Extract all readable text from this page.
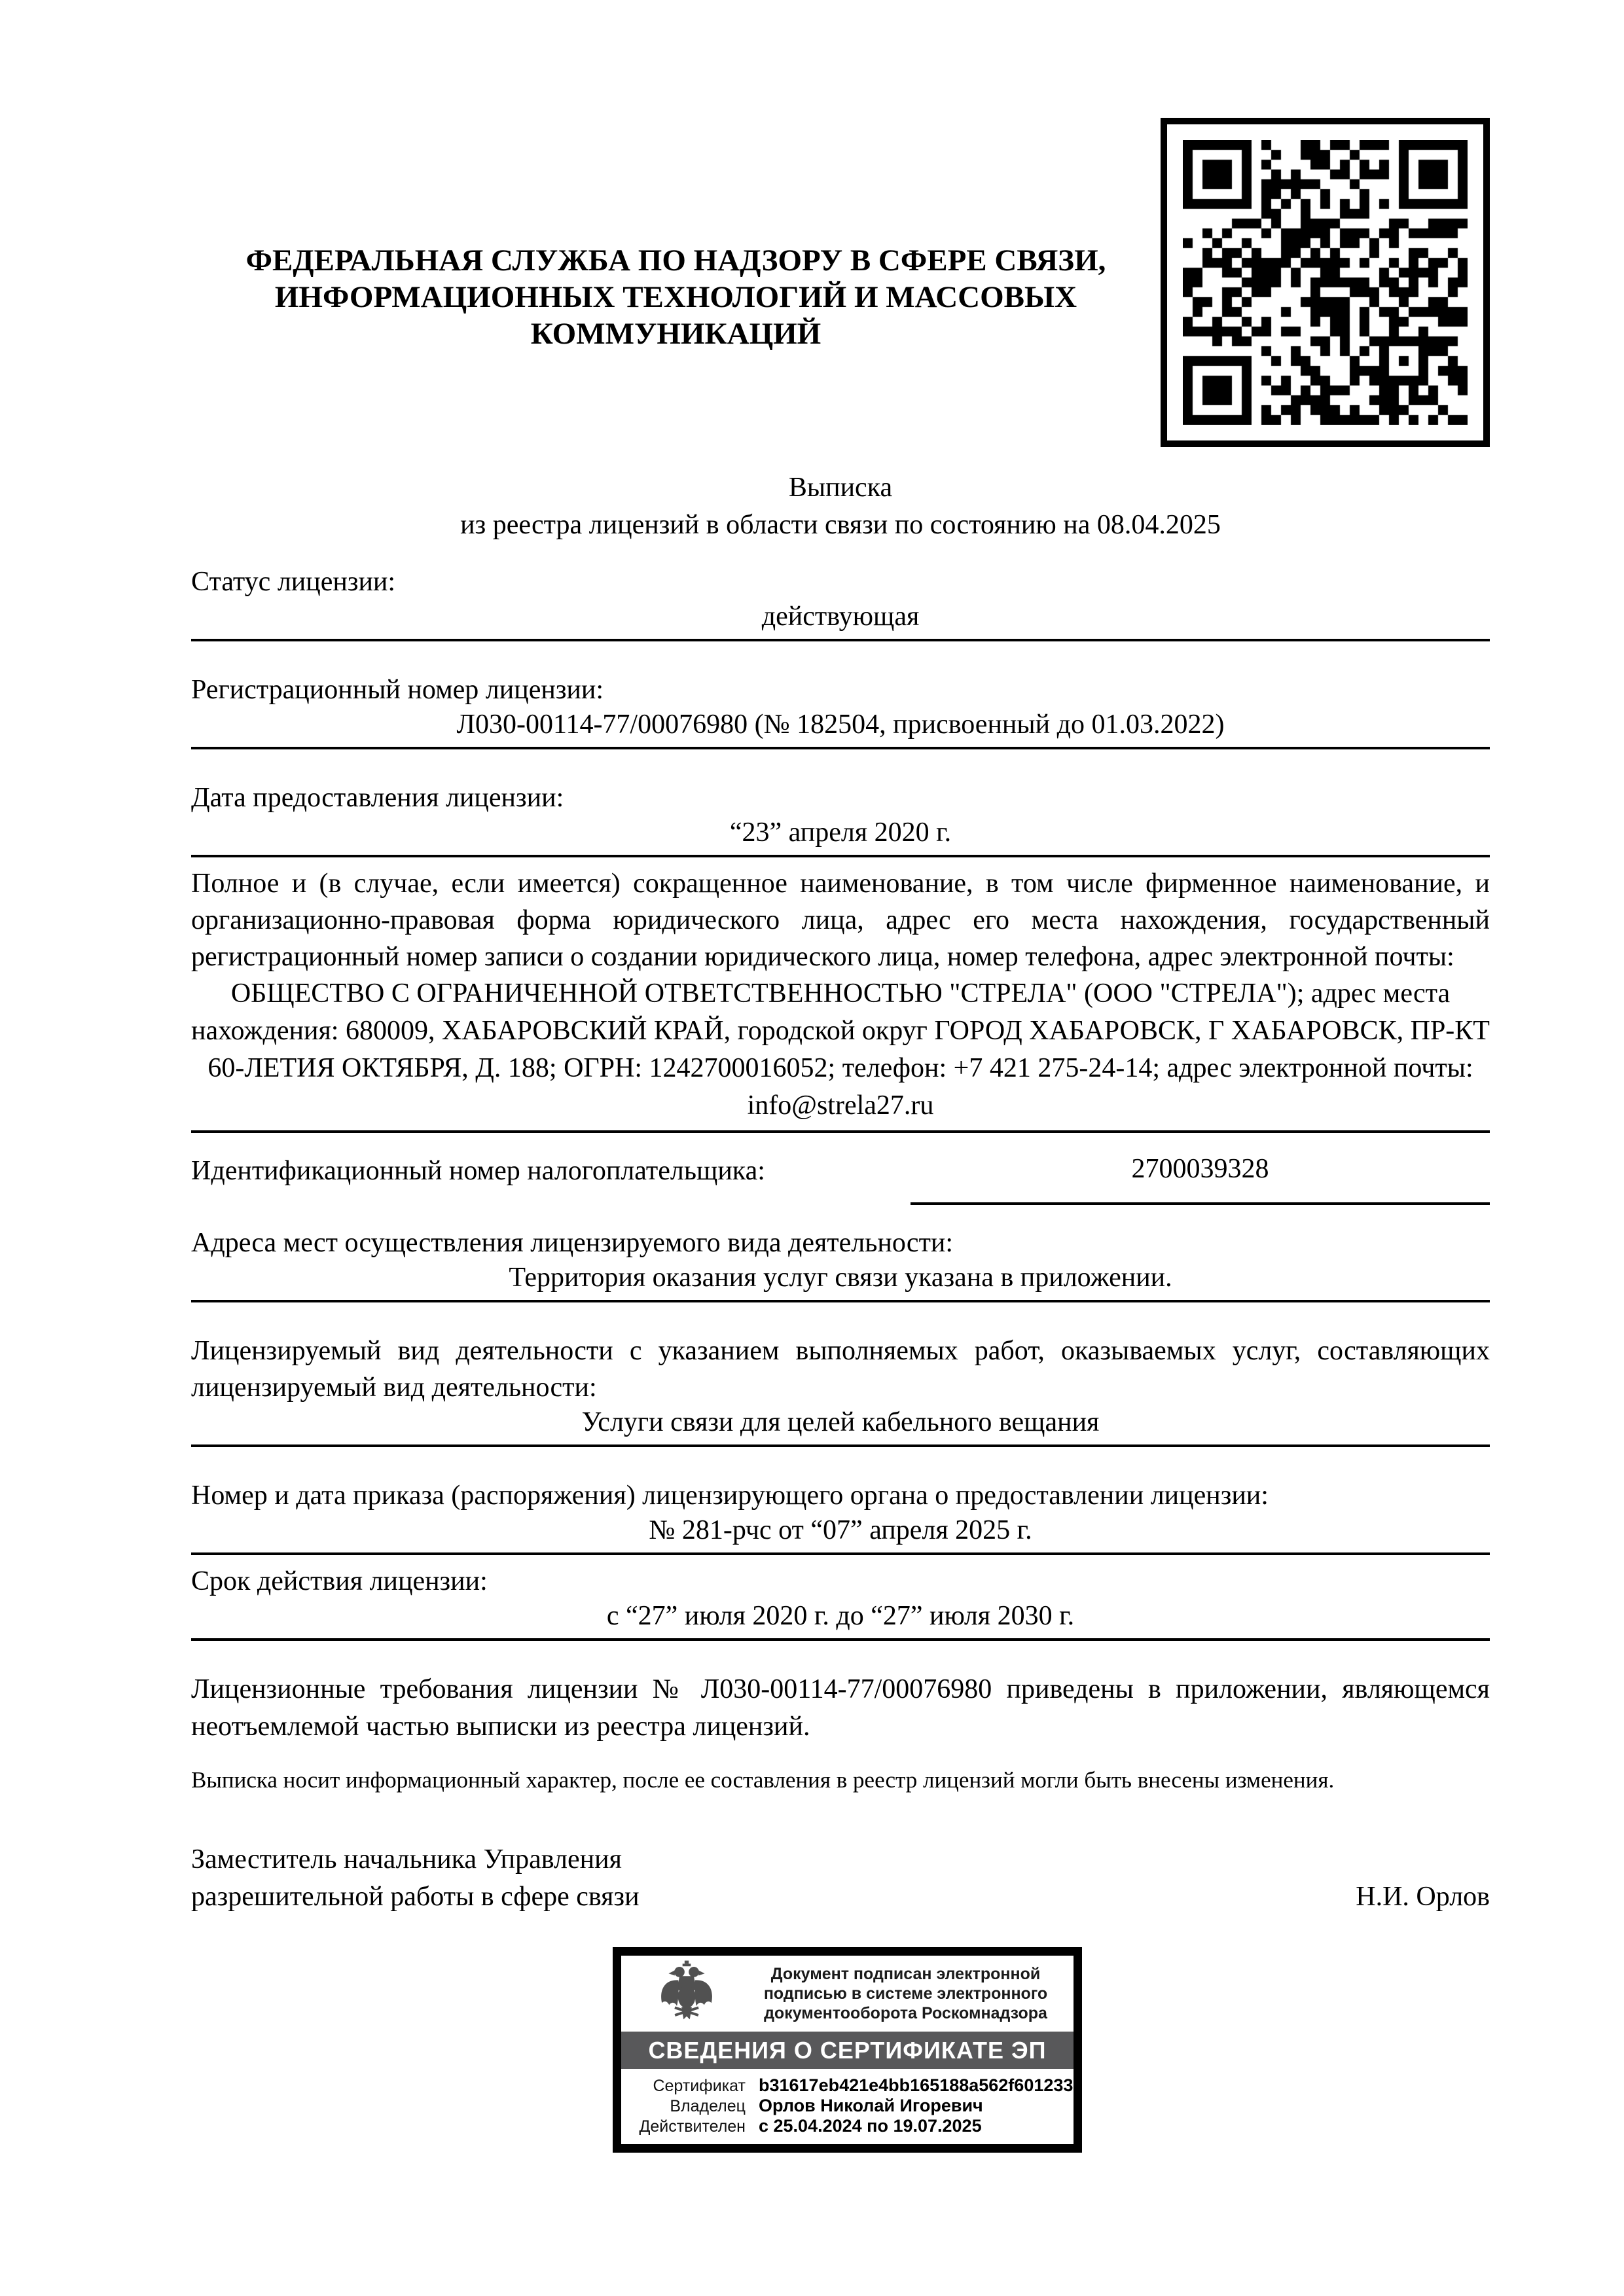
ФЕДЕРАЛЬНАЯ СЛУЖБА ПО НАДЗОРУ В СФЕРЕ СВЯЗИ,
ИНФОРМАЦИОННЫХ ТЕХНОЛОГИЙ И МАССОВЫХ
КОММУНИКАЦИЙ
Выписка
из реестра лицензий в области связи по состоянию на 08.04.2025
Статус лицензии:
действующая
Регистрационный номер лицензии:
Л030-00114-77/00076980 (№ 182504, присвоенный до 01.03.2022)
Дата предоставления лицензии:
“23” апреля 2020 г.
Полное и (в случае, если имеется) сокращенное наименование, в том числе фирменное наименование, и организационно-правовая форма юридического лица, адрес его места нахождения, государственный регистрационный номер записи о создании юридического лица, номер телефона, адрес электронной почты:
ОБЩЕСТВО С ОГРАНИЧЕННОЙ ОТВЕТСТВЕННОСТЬЮ "СТРЕЛА" (ООО "СТРЕЛА"); адрес места нахождения: 680009, ХАБАРОВСКИЙ КРАЙ, городской округ ГОРОД ХАБАРОВСК, Г ХАБАРОВСК, ПР-КТ 60-ЛЕТИЯ ОКТЯБРЯ, Д. 188; ОГРН: 1242700016052; телефон: +7 421 275-24-14; адрес электронной почты: info@strela27.ru
Идентификационный номер налогоплательщика:	2700039328
Адреса мест осуществления лицензируемого вида деятельности:
Территория оказания услуг связи указана в приложении.
Лицензируемый вид деятельности с указанием выполняемых работ, оказываемых услуг, составляющих лицензируемый вид деятельности:
Услуги связи для целей кабельного вещания
Номер и дата приказа (распоряжения) лицензирующего органа о предоставлении лицензии:
№ 281-рчс от “07” апреля 2025 г.
Срок действия лицензии:
с “27” июля 2020 г. до “27” июля 2030 г.
Лицензионные требования лицензии № Л030-00114-77/00076980 приведены в приложении, являющемся неотъемлемой частью выписки из реестра лицензий.
Выписка носит информационный характер, после ее составления в реестр лицензий могли быть внесены изменения.
Заместитель начальника Управления разрешительной работы в сфере связи	Н.И. Орлов
Документ подписан электронной подписью в системе электронного документооборота Роскомнадзора
СВЕДЕНИЯ О СЕРТИФИКАТЕ ЭП
Сертификат b31617eb421e4bb165188a562f601233
Владелец Орлов Николай Игоревич
Действителен с 25.04.2024 по 19.07.2025
